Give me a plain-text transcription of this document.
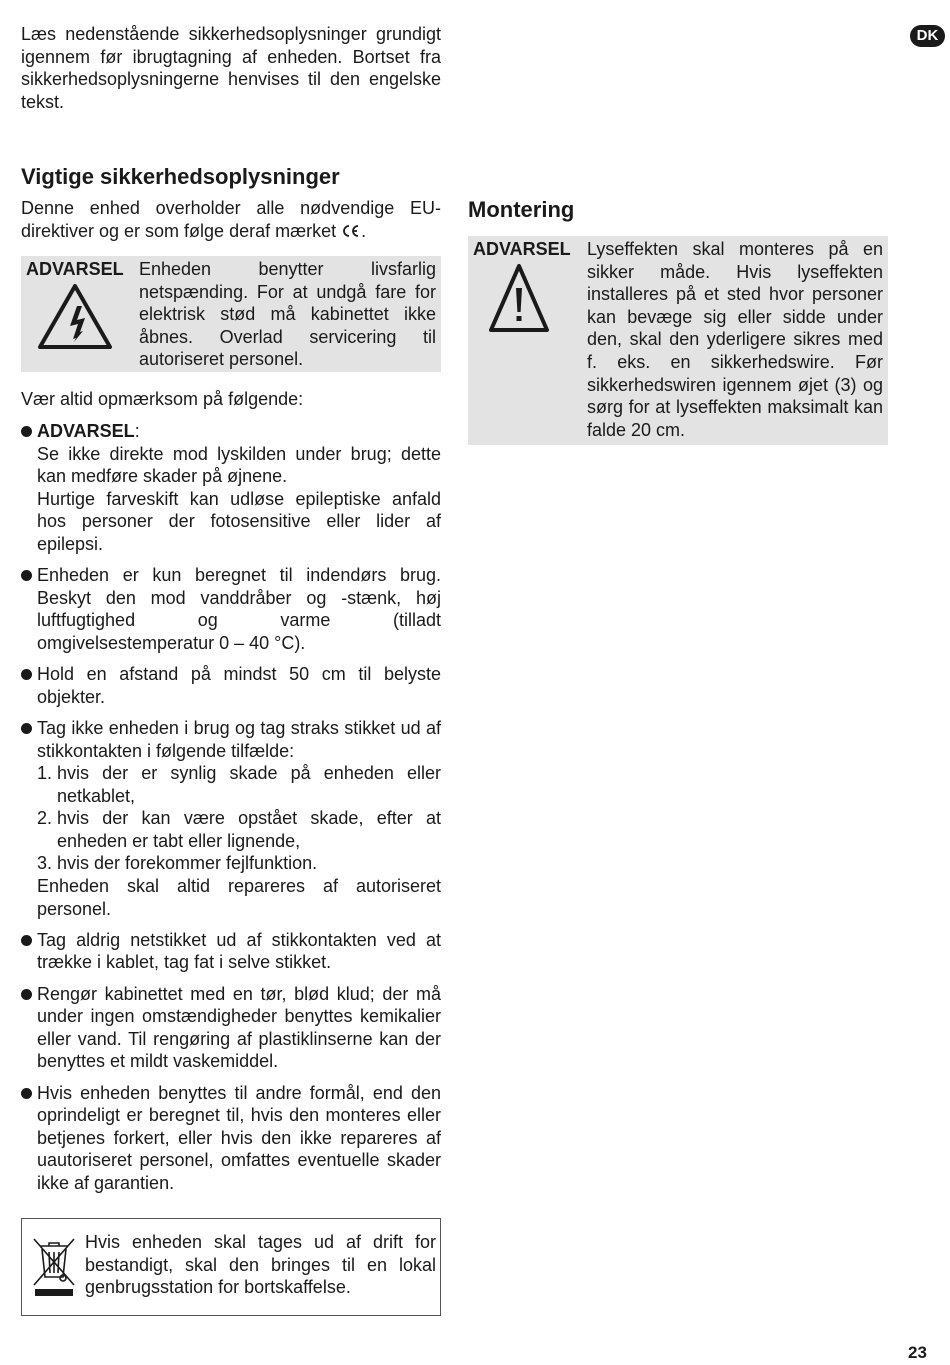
Læs nedenstående sikkerhedsoplysninger grundigt igennem før ibrugtagning af enheden. Bortset fra sikkerhedsoplysningerne henvises til den engelske tekst.
DK
Vigtige sikkerhedsoplysninger
Denne enhed overholder alle nødvendige EU-direktiver og er som følge deraf mærket .
ADVARSEL Enheden benytter livsfarlig netspænding. For at undgå fare for elektrisk stød må kabinettet ikke åbnes. Overlad servicering til autoriseret personel.
Vær altid opmærksom på følgende:

ADVARSEL:

Se ikke direkte mod lyskilden under brug; dette kan medføre skader på øjnene.

Hurtige farveskift kan udløse epileptiske anfald hos personer der fotosensitive eller lider af epilepsi.

Enheden er kun beregnet til indendørs brug. Beskyt den mod vanddråber og -stænk, høj luftfugtighed og varme (tilladt omgivelsestemperatur 0 – 40 °C).

Hold en afstand på mindst 50 cm til belyste objekter.

Tag ikke enheden i brug og tag straks stikket ud af stikkontakten i følgende tilfælde:

1. hvis der er synlig skade på enheden eller netkablet,
2. hvis der kan være opstået skade, efter at enheden er tabt eller lignende,
3. hvis der forekommer fejlfunktion.

Enheden skal altid repareres af autoriseret personel.

Tag aldrig netstikket ud af stikkontakten ved at trække i kablet, tag fat i selve stikket.

Rengør kabinettet med en tør, blød klud; der må under ingen omstændigheder benyttes kemikalier eller vand. Til rengøring af plastiklinserne kan der benyttes et mildt vaskemiddel.

Hvis enheden benyttes til andre formål, end den oprindeligt er beregnet til, hvis den monteres eller betjenes forkert, eller hvis den ikke repareres af uautoriseret personel, omfattes eventuelle skader ikke af garantien.

Hvis enheden skal tages ud af drift for bestandigt, skal den bringes til en lokal genbrugsstation for bortskaffelse.
Montering
ADVARSEL Lyseffekten skal monteres på en sikker måde. Hvis lyseffekten installeres på et sted hvor personer kan bevæge sig eller sidde under den, skal den yderligere sikres med f. eks. en sikkerhedswire. Før sikkerhedswiren igennem øjet (3) og sørg for at lyseffekten maksimalt kan falde 20 cm.
23
